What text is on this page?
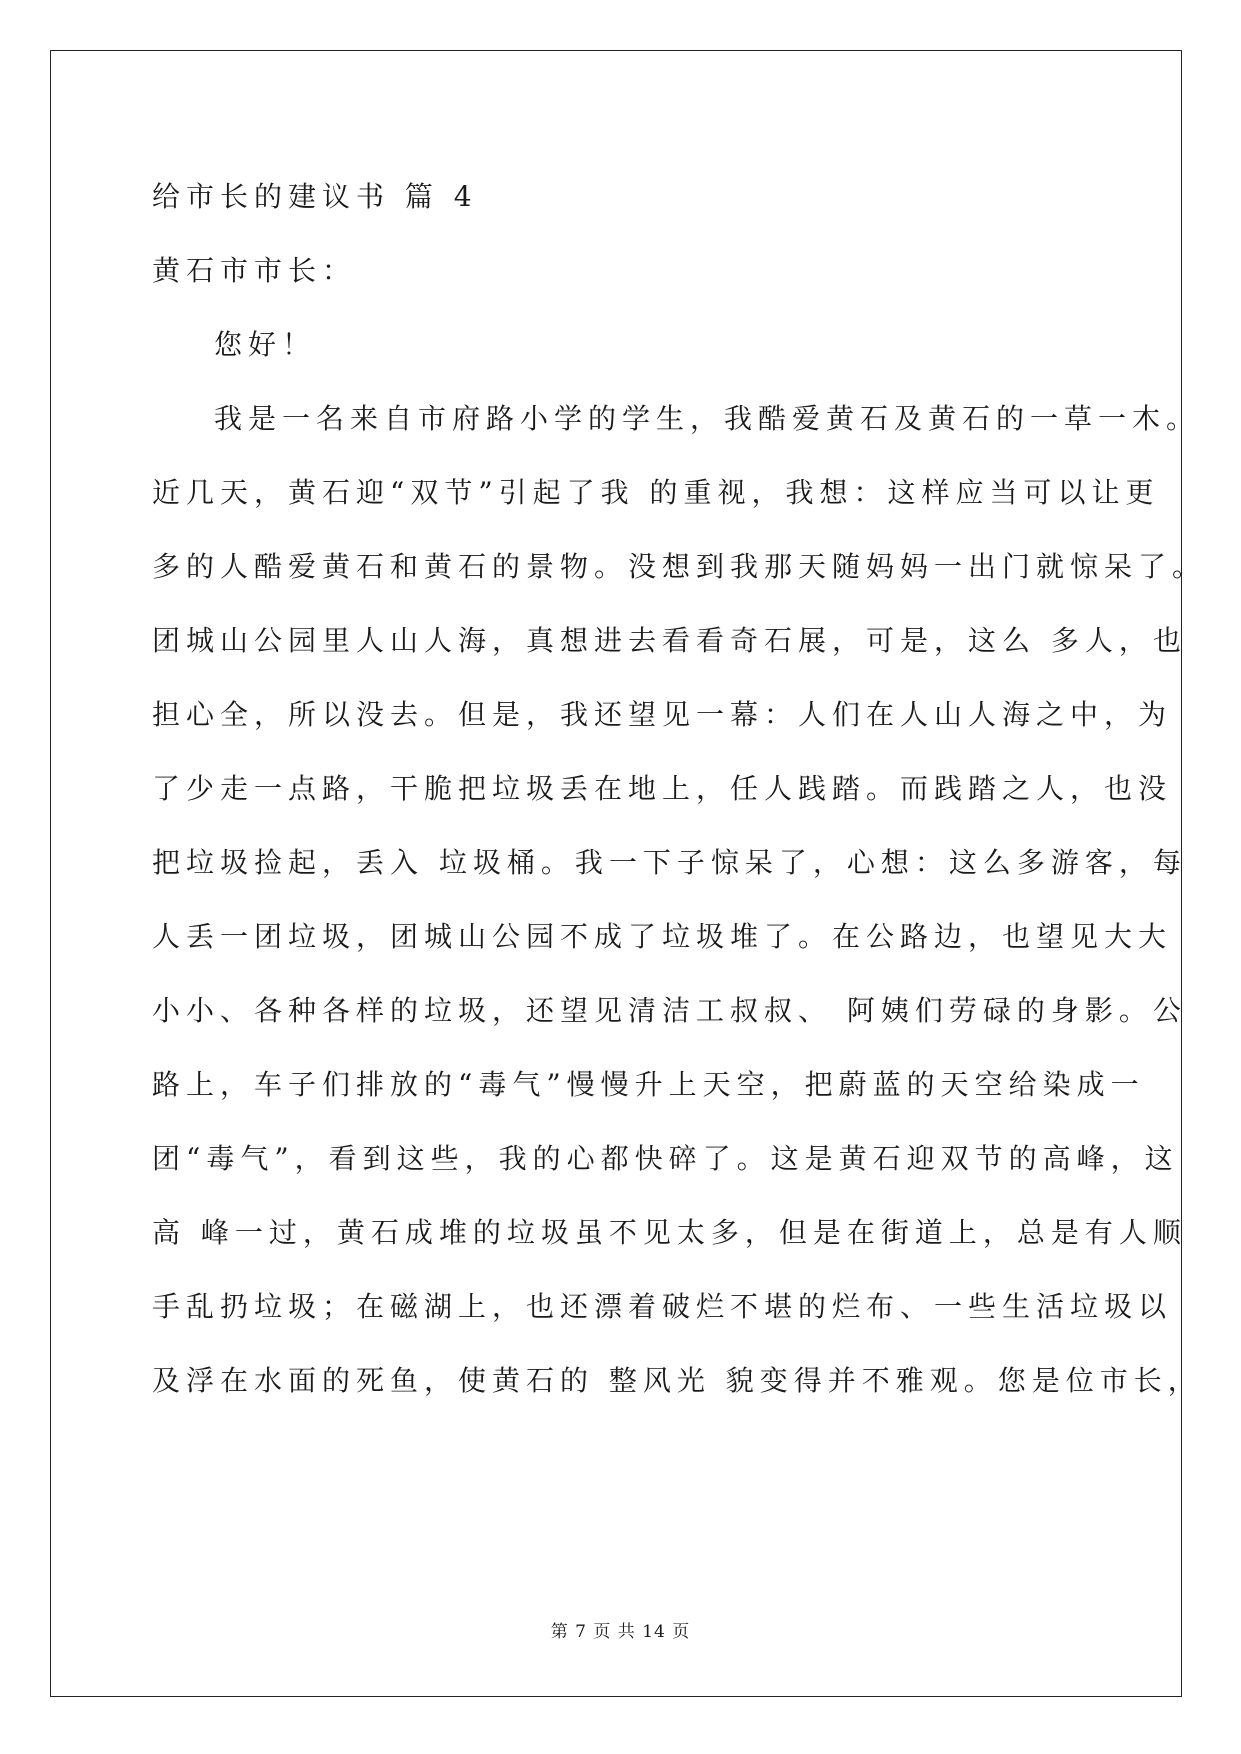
给市长的建议书 篇 4
黄石市市长：
您好！
我是一名来自市府路小学的学生，我酷爱黄石及黄石的一草一木。
近几天，黄石迎“双节”引起了我 的重视，我想：这样应当可以让更
多的人酷爱黄石和黄石的景物。没想到我那天随妈妈一出门就惊呆了。
团城山公园里人山人海，真想进去看看奇石展，可是，这么 多人，也
担心全，所以没去。但是，我还望见一幕：人们在人山人海之中，为
了少走一点路，干脆把垃圾丢在地上，任人践踏。而践踏之人，也没
把垃圾捡起，丢入 垃圾桶。我一下子惊呆了，心想：这么多游客，每
人丢一团垃圾，团城山公园不成了垃圾堆了。在公路边，也望见大大
小小、各种各样的垃圾，还望见清洁工叔叔、 阿姨们劳碌的身影。公
路上，车子们排放的“毒气”慢慢升上天空，把蔚蓝的天空给染成一
团“毒气”，看到这些，我的心都快碎了。这是黄石迎双节的高峰，这
高 峰一过，黄石成堆的垃圾虽不见太多，但是在街道上，总是有人顺
手乱扔垃圾；在磁湖上，也还漂着破烂不堪的烂布、一些生活垃圾以
及浮在水面的死鱼，使黄石的 整风光 貌变得并不雅观。您是位市长，
第 7 页 共 14 页
